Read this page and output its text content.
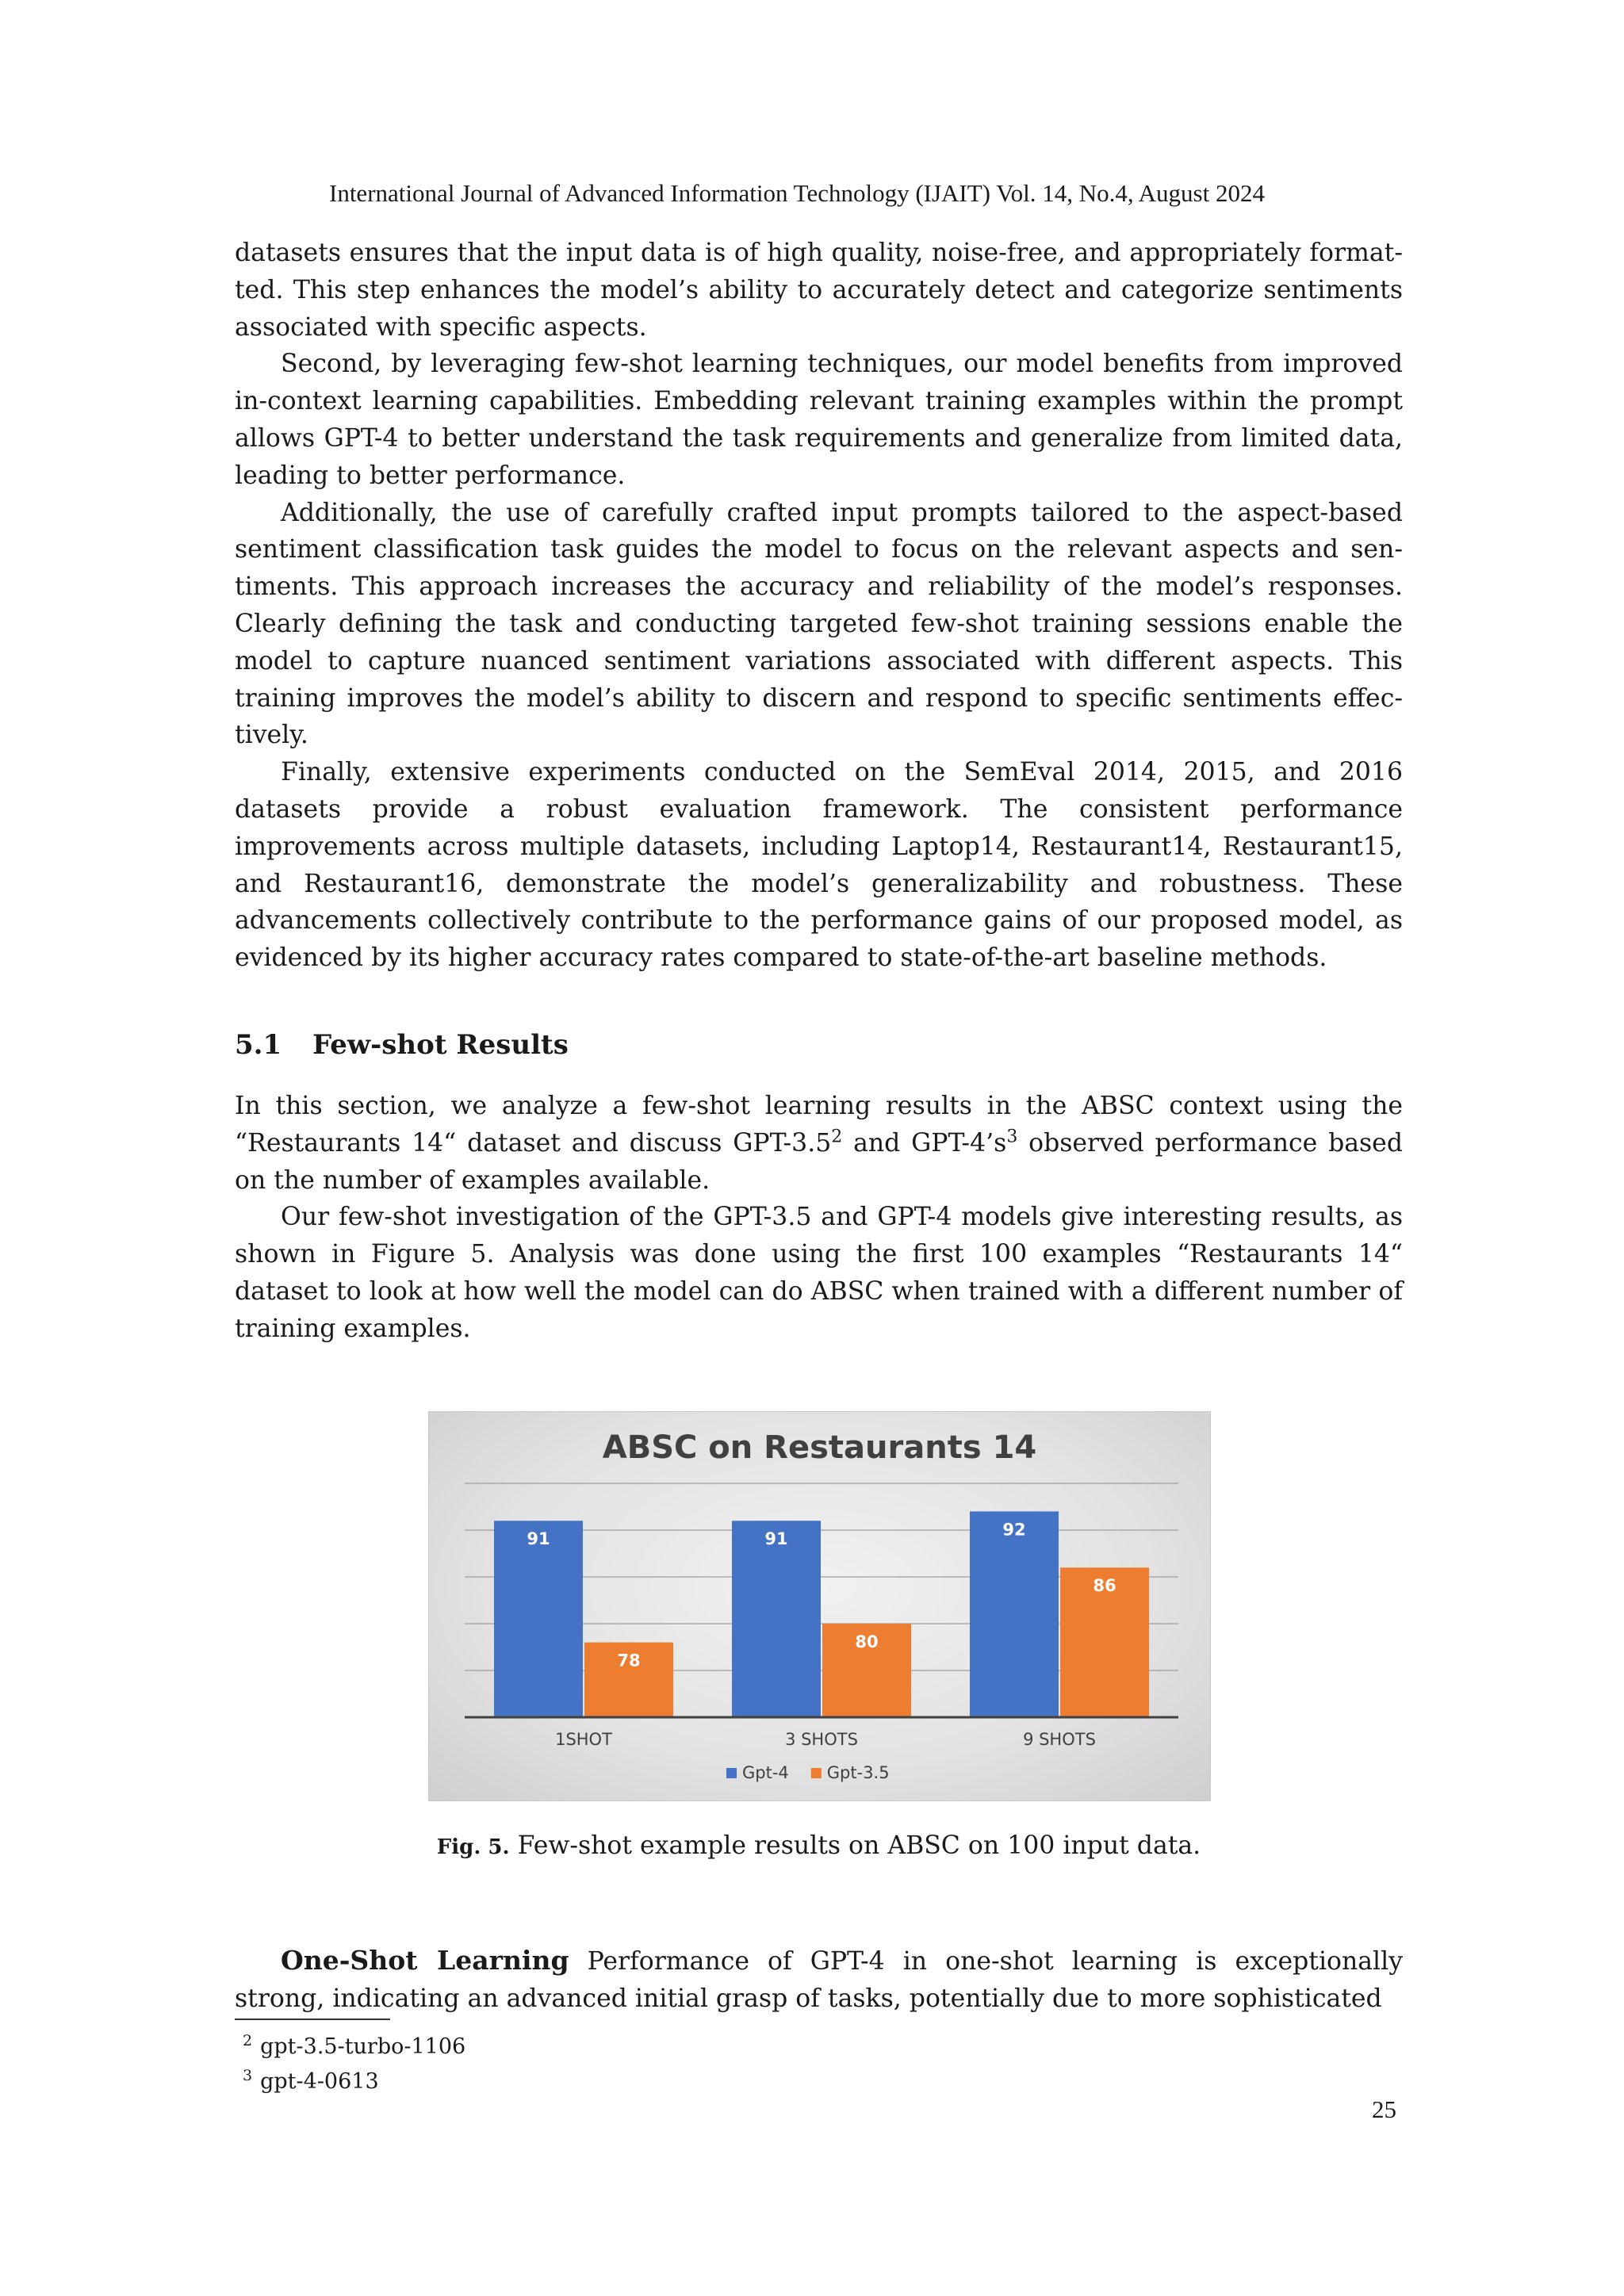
International Journal of Advanced Information Technology (IJAIT) Vol. 14, No.4, August 2024

datasets ensures that the input data is of high quality, noise-free, and appropriately formatted. This step enhances the model’s ability to accurately detect and categorize sentiments associated with specific aspects.

Second, by leveraging few-shot learning techniques, our model benefits from improved in-context learning capabilities. Embedding relevant training examples within the prompt allows GPT-4 to better understand the task requirements and generalize from limited data, leading to better performance.

Additionally, the use of carefully crafted input prompts tailored to the aspect-based sentiment classification task guides the model to focus on the relevant aspects and sentiments. This approach increases the accuracy and reliability of the model’s responses. Clearly defining the task and conducting targeted few-shot training sessions enable the model to capture nuanced sentiment variations associated with different aspects. This training improves the model’s ability to discern and respond to specific sentiments effectively.

Finally, extensive experiments conducted on the SemEval 2014, 2015, and 2016 datasets provide a robust evaluation framework. The consistent performance improvements across multiple datasets, including Laptop14, Restaurant14, Restaurant15, and Restaurant16, demonstrate the model’s generalizability and robustness. These advancements collectively contribute to the performance gains of our proposed model, as evidenced by its higher accuracy rates compared to state-of-the-art baseline methods.

5.1 Few-shot Results

In this section, we analyze a few-shot learning results in the ABSC context using the “Restaurants 14“ dataset and discuss GPT-3.5$^2$ and GPT-4’s$^3$ observed performance based on the number of examples available.

Our few-shot investigation of the GPT-3.5 and GPT-4 models give interesting results, as shown in Figure 5. Analysis was done using the first 100 examples “Restaurants 14“ dataset to look at how well the model can do ABSC when trained with a different number of training examples.

ABSC on Restaurants 14
91
78
1SHOT
91
80
3 SHOTS
92
86
9 SHOTS
Gpt-4 Gpt-3.5
Fig. 5. Few-shot example results on ABSC on 100 input data.

One-Shot Learning Performance of GPT-4 in one-shot learning is exceptionally strong, indicating an advanced initial grasp of tasks, potentially due to more sophisticated

$^2$ gpt-3.5-turbo-1106
$^3$ gpt-4-0613
25
